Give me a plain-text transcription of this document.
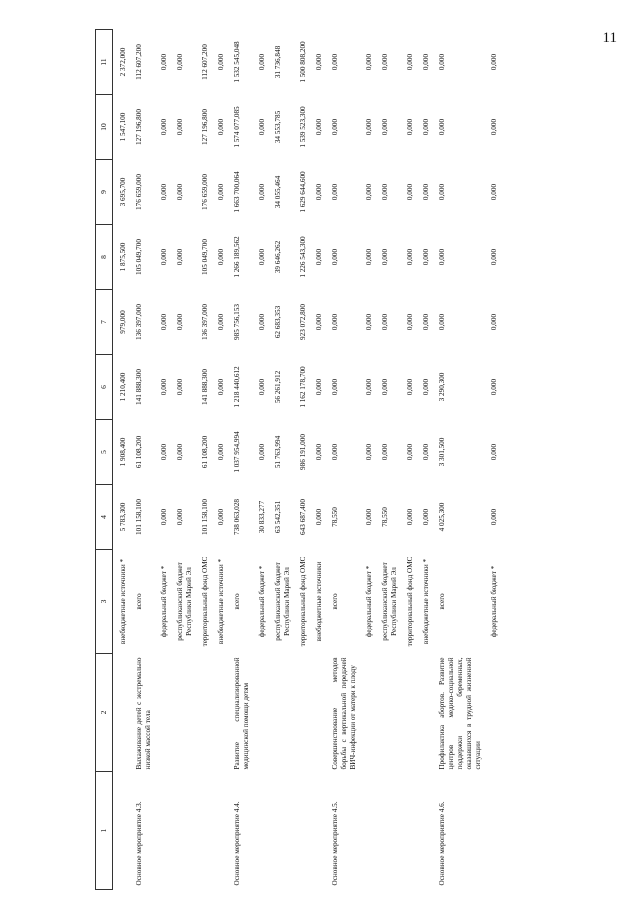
11
1	2	3	4	5	6	7	8	9	10	11
		внебюджетные источники *	5 783,300	1 908,400	1 210,400	979,000	1 875,500	3 695,700	1 547,100	2 372,000
Основное мероприятие 4.3.	Выхаживание детей с экстремально низкой массой тела	всего	101 158,100	61 108,200	141 888,300	136 397,000	105 049,700	176 659,000	127 196,800	112 607,200
		федеральный бюджет *	0,000	0,000	0,000	0,000	0,000	0,000	0,000	0,000
		республиканский бюджет Республики Марий Эл	0,000	0,000	0,000	0,000	0,000	0,000	0,000	0,000
		территориальный фонд ОМС	101 158,100	61 108,200	141 888,300	136 397,000	105 049,700	176 659,000	127 196,800	112 607,200
		внебюджетные источники *	0,000	0,000	0,000	0,000	0,000	0,000	0,000	0,000
Основное мероприятие 4.4.	Развитие специализированной медицинской помощи детям	всего	738 063,028	1 037 954,994	1 218 440,612	985 756,153	1 266 189,562	1 663 700,064	1 574 077,085	1 532 545,048
		федеральный бюджет *	30 833,277	0,000	0,000	0,000	0,000	0,000	0,000	0,000
		республиканский бюджет Республики Марий Эл	63 542,351	51 763,994	56 261,912	62 683,353	39 646,262	34 055,464	34 553,785	31 736,848
		территориальный фонд ОМС	643 687,400	986 191,000	1 162 178,700	923 072,800	1 226 543,300	1 629 644,600	1 539 523,300	1 500 808,200
		внебюджетные источники	0,000	0,000	0,000	0,000	0,000	0,000	0,000	0,000
Основное мероприятие 4.5.	Совершенствование методов борьбы с вертикальной передачей ВИЧ-инфекции от матери к плоду	всего	78,550	0,000	0,000	0,000	0,000	0,000	0,000	0,000
		федеральный бюджет *	0,000	0,000	0,000	0,000	0,000	0,000	0,000	0,000
		республиканский бюджет Республики Марий Эл	78,550	0,000	0,000	0,000	0,000	0,000	0,000	0,000
		территориальный фонд ОМС	0,000	0,000	0,000	0,000	0,000	0,000	0,000	0,000
		внебюджетные источники *	0,000	0,000	0,000	0,000	0,000	0,000	0,000	0,000
Основное мероприятие 4.6.	Профилактика абортов. Развитие центров медико-социальной поддержки беременных, оказавшихся в трудной жизненной ситуации	всего	4 025,300	3 301,500	3 290,300	0,000	0,000	0,000	0,000	0,000
		федеральный бюджет *	0,000	0,000	0,000	0,000	0,000	0,000	0,000	0,000
